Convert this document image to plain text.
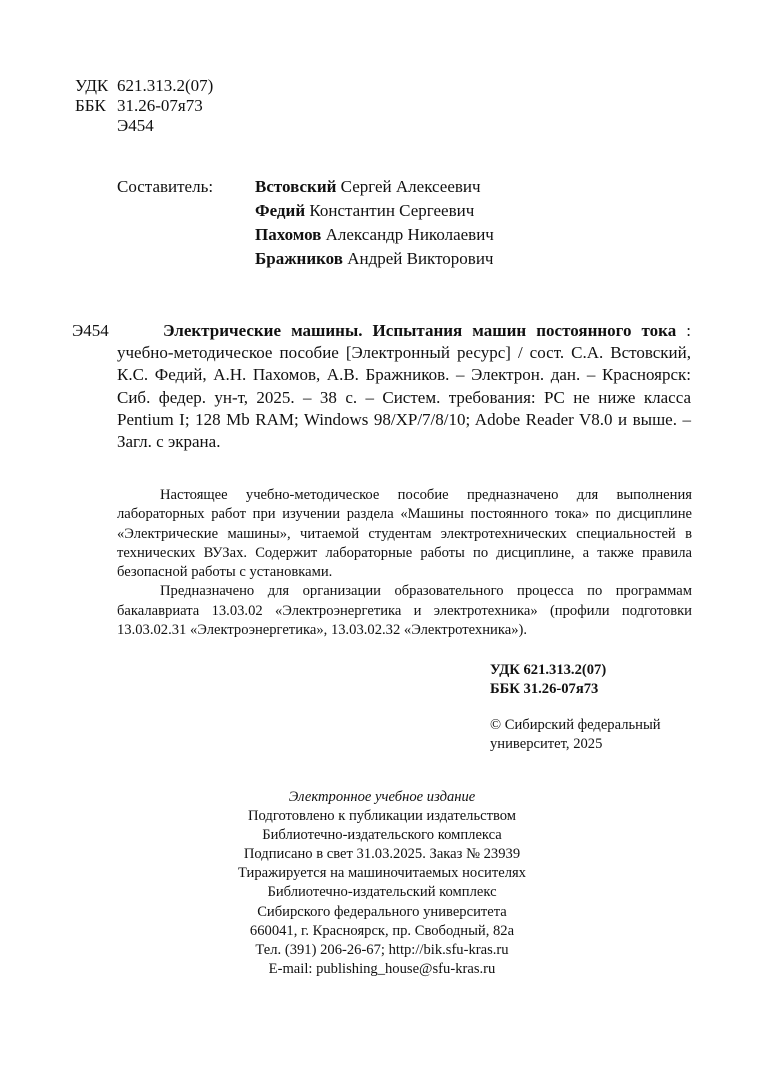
УДК 621.313.2(07)
ББК 31.26-07я73
Э454
Составитель:	Встовский Сергей Алексеевич
Федий Константин Сергеевич
Пахомов Александр Николаевич
Бражников Андрей Викторович
Э454	Электрические машины. Испытания машин постоянного тока : учебно-методическое пособие [Электронный ресурс] / сост. С.А. Встовский, К.С. Федий, А.Н. Пахомов, А.В. Бражников. – Электрон. дан. – Красноярск: Сиб. федер. ун-т, 2025. – 38 с. – Систем. требования: PC не ниже класса Pentium I; 128 Mb RAM; Windows 98/XP/7/8/10; Adobe Reader V8.0 и выше. – Загл. с экрана.

Настоящее учебно-методическое пособие предназначено для выполнения лабораторных работ при изучении раздела «Машины постоянного тока» по дисциплине «Электрические машины», читаемой студентам электротехнических специальностей в технических ВУЗах. Содержит лабораторные работы по дисциплине, а также правила безопасной работы с установками.

Предназначено для организации образовательного процесса по программам бакалавриата 13.03.02 «Электроэнергетика и электротехника» (профили подготовки 13.03.02.31 «Электроэнергетика», 13.03.02.32 «Электротехника»).

УДК 621.313.2(07)
ББК 31.26-07я73
© Сибирский федеральный
университет, 2025
Электронное учебное издание
Подготовлено к публикации издательством
Библиотечно-издательского комплекса
Подписано в свет 31.03.2025. Заказ № 23939
Тиражируется на машиночитаемых носителях
Библиотечно-издательский комплекс
Сибирского федерального университета
660041, г. Красноярск, пр. Свободный, 82а
Тел. (391) 206-26-67; http://bik.sfu-kras.ru
E-mail: publishing_house@sfu-kras.ru
